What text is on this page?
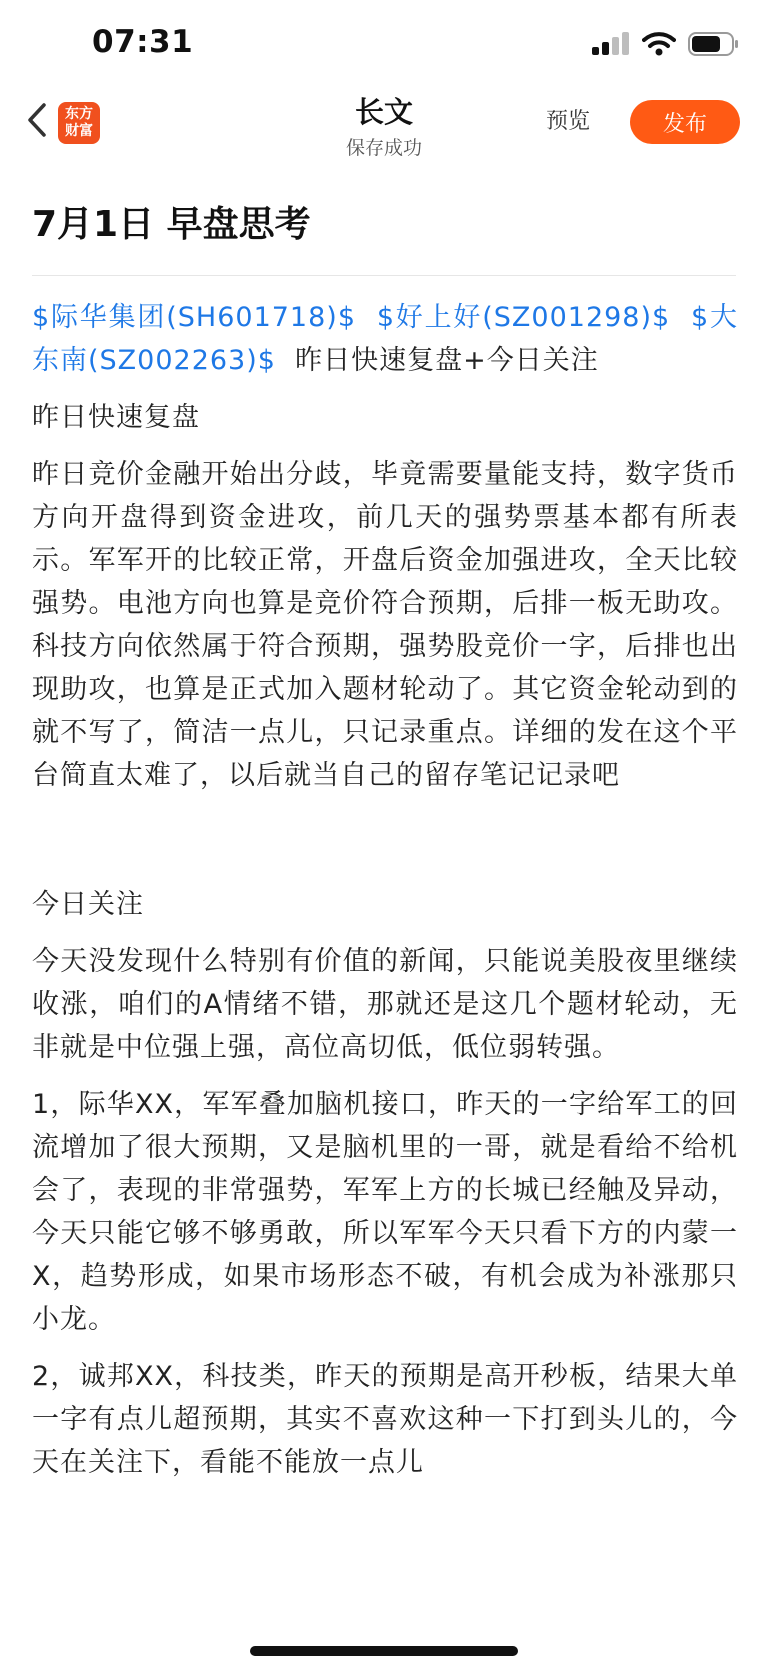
07:31
东方
财富
长文
保存成功
预览	发布
7月1日 早盘思考

$际华集团(SH601718)$ $好上好(SZ001298)$ $大东南(SZ002263)$ 昨日快速复盘+今日关注

昨日快速复盘

昨日竞价金融开始出分歧，毕竟需要量能支持，数字货币方向开盘得到资金进攻，前几天的强势票基本都有所表示。军军开的比较正常，开盘后资金加强进攻，全天比较强势。电池方向也算是竞价符合预期，后排一板无助攻。科技方向依然属于符合预期，强势股竞价一字，后排也出现助攻，也算是正式加入题材轮动了。其它资金轮动到的就不写了，简洁一点儿，只记录重点。详细的发在这个平台简直太难了，以后就当自己的留存笔记记录吧

今日关注

今天没发现什么特别有价值的新闻，只能说美股夜里继续收涨，咱们的A情绪不错，那就还是这几个题材轮动，无非就是中位强上强，高位高切低，低位弱转强。

1，际华XX，军军叠加脑机接口，昨天的一字给军工的回流增加了很大预期，又是脑机里的一哥，就是看给不给机会了，表现的非常强势，军军上方的长城已经触及异动，今天只能它够不够勇敢，所以军军今天只看下方的内蒙一X，趋势形成，如果市场形态不破，有机会成为补涨那只小龙。

2，诚邦XX，科技类，昨天的预期是高开秒板，结果大单一字有点儿超预期，其实不喜欢这种一下打到头儿的，今天在关注下，看能不能放一点儿
